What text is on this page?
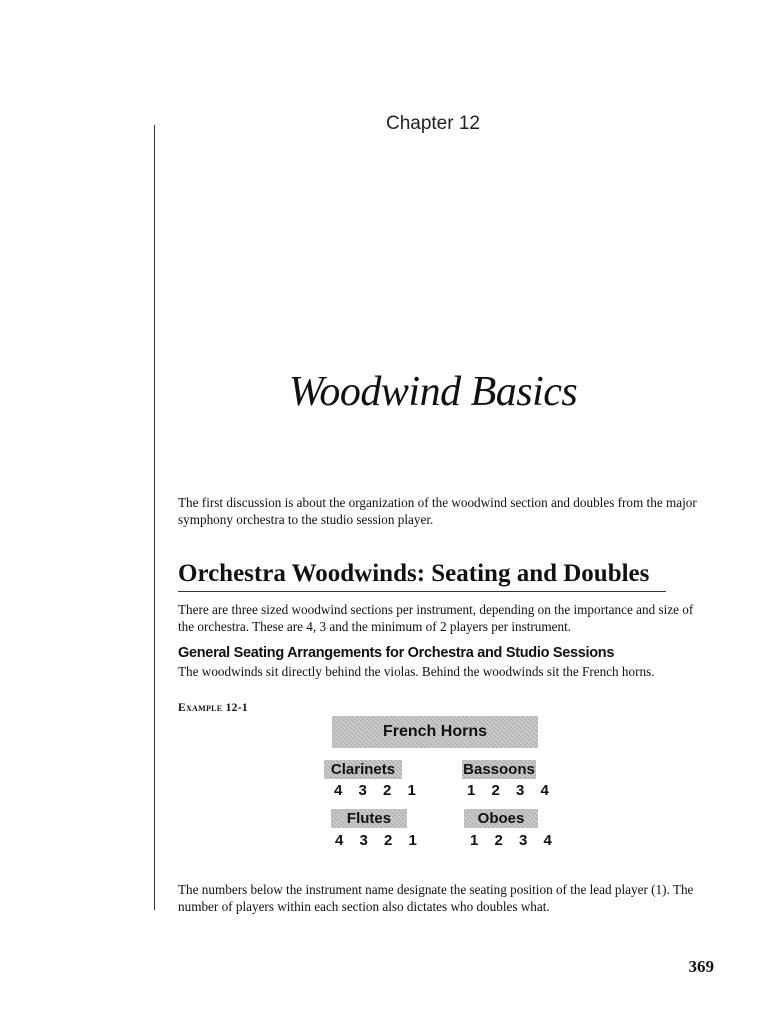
Chapter 12
Woodwind Basics
The first discussion is about the organization of the woodwind section and doubles from the major symphony orchestra to the studio session player.
Orchestra Woodwinds: Seating and Doubles
There are three sized woodwind sections per instrument, depending on the importance and size of the orchestra. These are 4, 3 and the minimum of 2 players per instrument.
General Seating Arrangements for Orchestra and Studio Sessions
The woodwinds sit directly behind the violas. Behind the woodwinds sit the French horns.
Example 12-1
French Horns
Clarinets
4 3 2 1
Bassoons
1 2 3 4
Flutes
4 3 2 1
Oboes
1 2 3 4
The numbers below the instrument name designate the seating position of the lead player (1). The number of players within each section also dictates who doubles what.
369
